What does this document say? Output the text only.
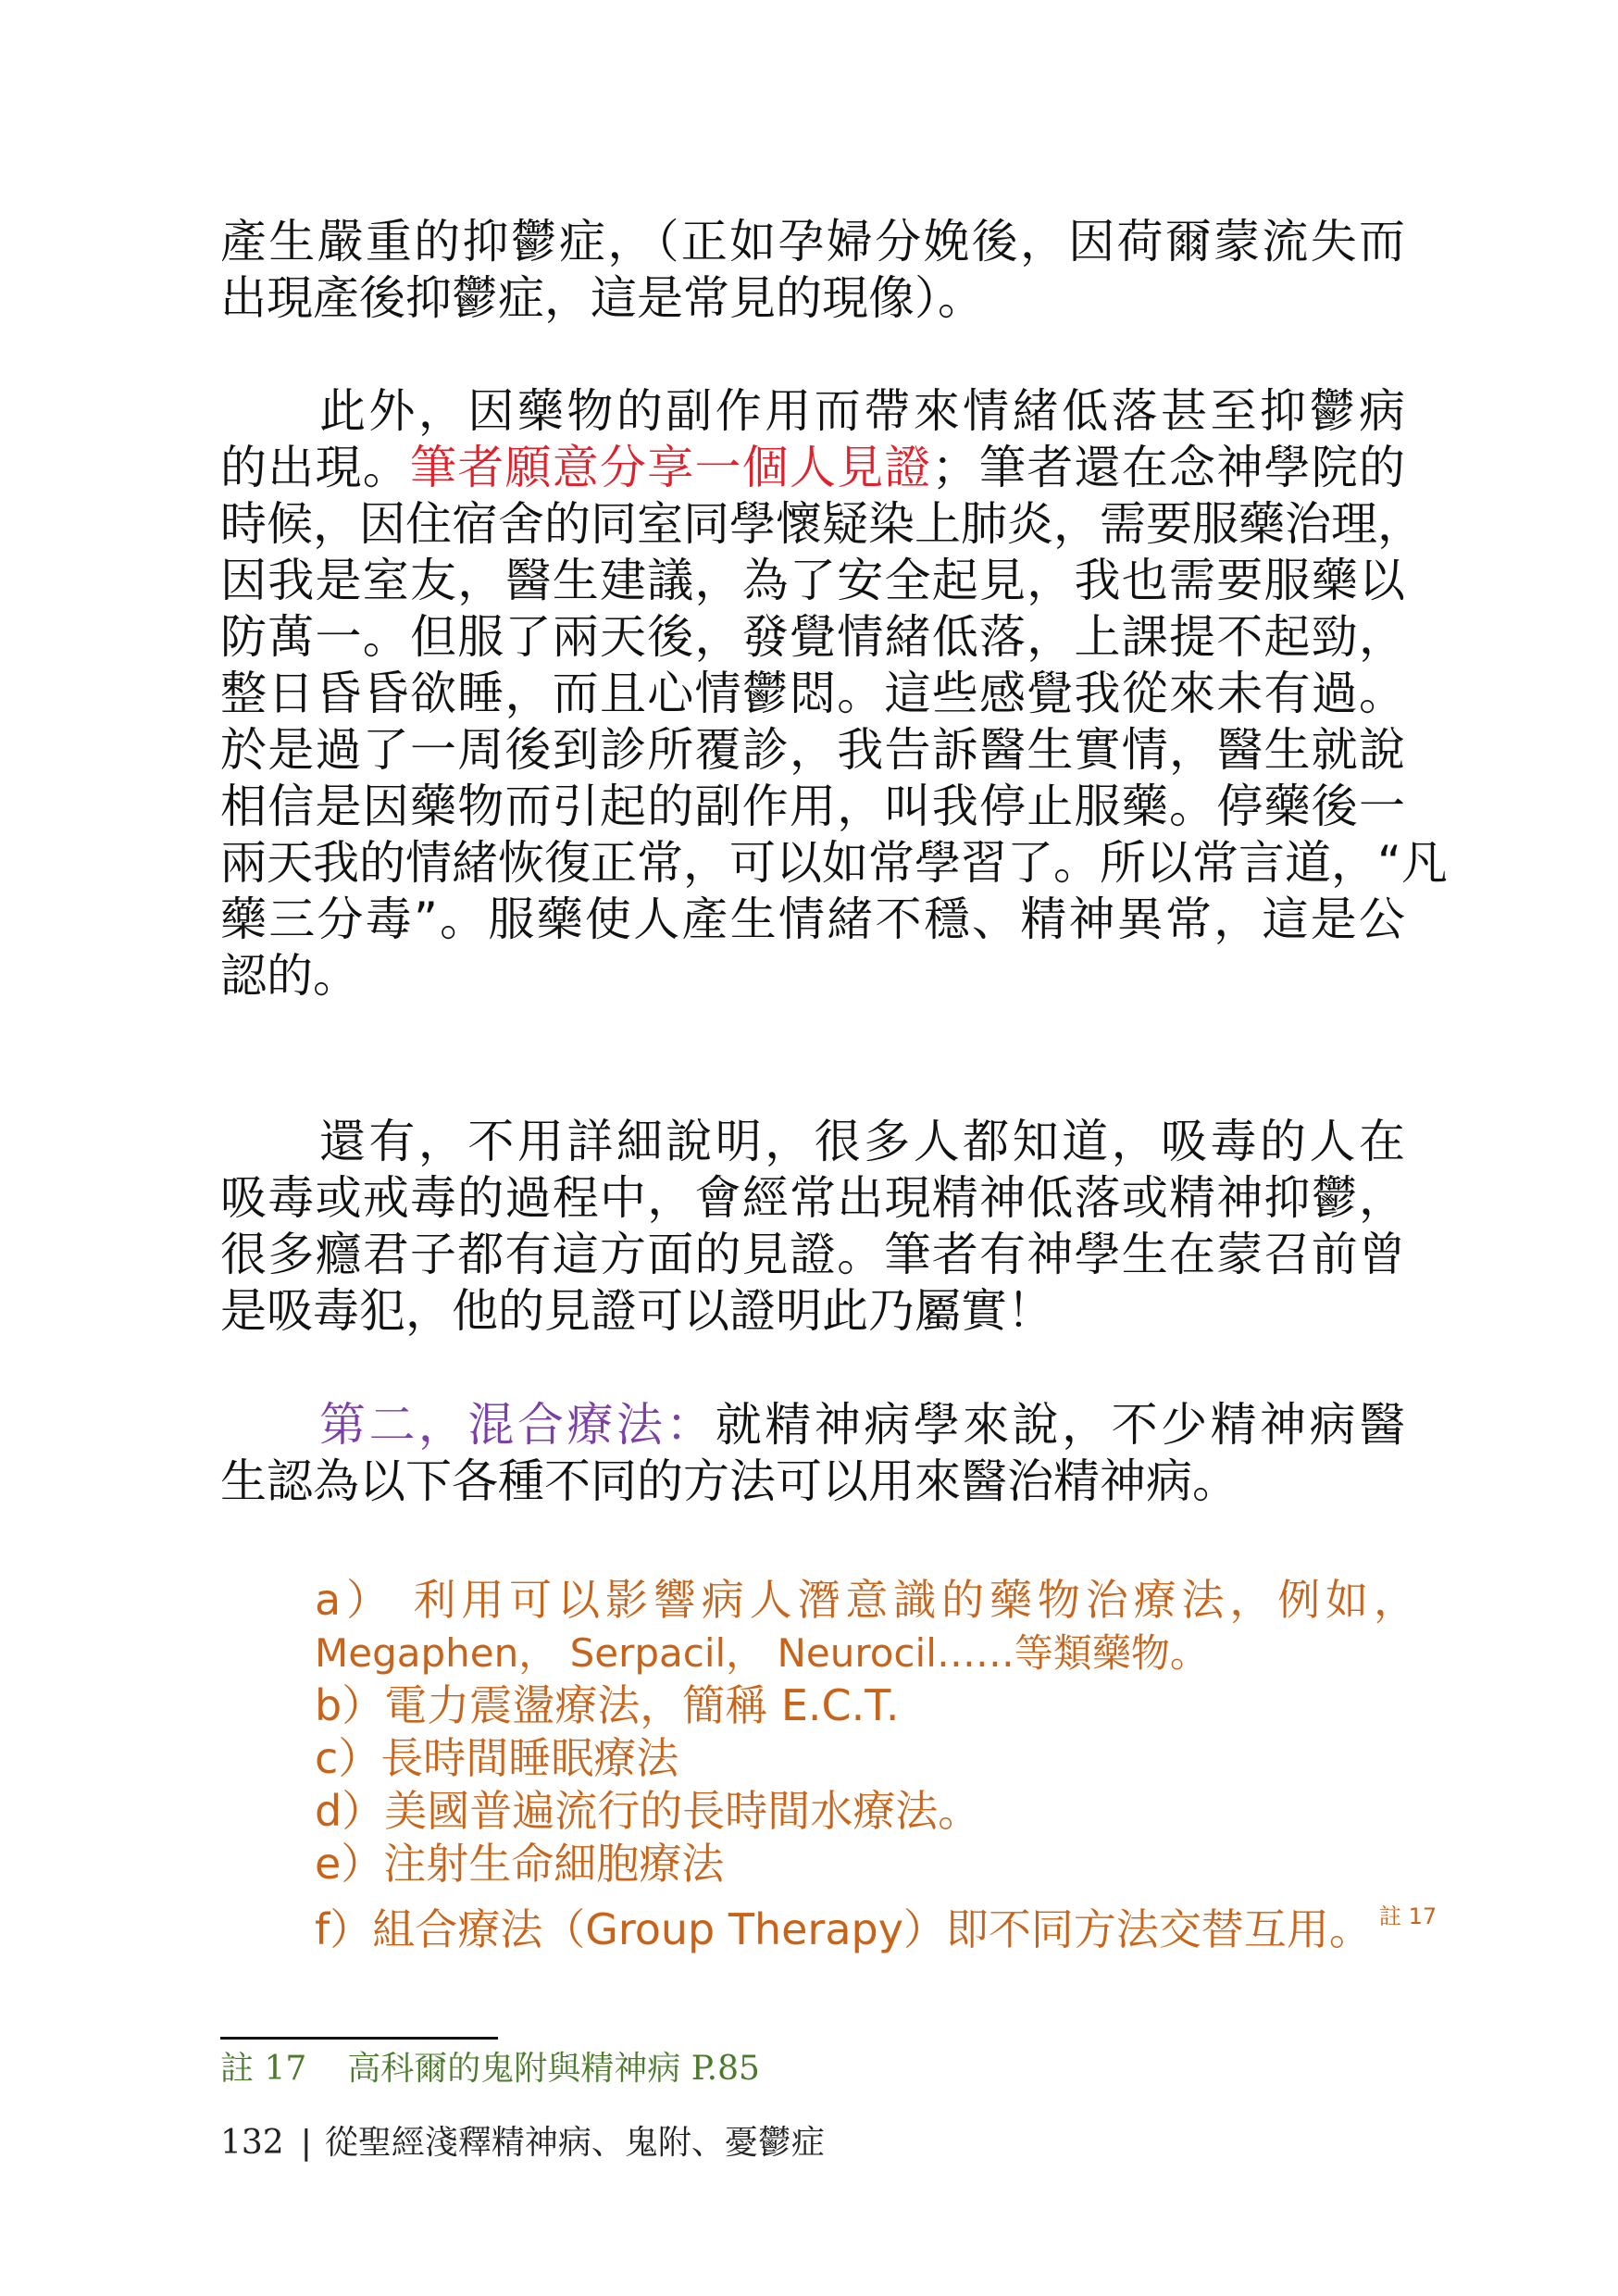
產生嚴重的抑鬱症，（正如孕婦分娩後，因荷爾蒙流失而
出現產後抑鬱症，這是常見的現像）。

　　此外，因藥物的副作用而帶來情緒低落甚至抑鬱病
的出現。筆者願意分享一個人見證；筆者還在念神學院的
時候，因住宿舍的同室同學懷疑染上肺炎，需要服藥治理，
因我是室友，醫生建議，為了安全起見，我也需要服藥以
防萬一。但服了兩天後，發覺情緒低落，上課提不起勁，
整日昏昏欲睡，而且心情鬱悶。這些感覺我從來未有過。
於是過了一周後到診所覆診，我告訴醫生實情，醫生就說
相信是因藥物而引起的副作用，叫我停止服藥。停藥後一
兩天我的情緒恢復正常，可以如常學習了。所以常言道，“凡
藥三分毒”。服藥使人產生情緒不穩、精神異常，這是公
認的。

　　還有，不用詳細說明，很多人都知道，吸毒的人在
吸毒或戒毒的過程中，會經常出現精神低落或精神抑鬱，
很多癮君子都有這方面的見證。筆者有神學生在蒙召前曾
是吸毒犯，他的見證可以證明此乃屬實！

　　第二，混合療法：就精神病學來說，不少精神病醫
生認為以下各種不同的方法可以用來醫治精神病。

a） 利用可以影響病人潛意識的藥物治療法，例如，
Megaphen， Serpacil， Neurocil……等類藥物。
b）電力震盪療法，簡稱 E.C.T.
c）長時間睡眠療法
d）美國普遍流行的長時間水療法。
e）注射生命細胞療法
f）組合療法（Group Therapy）即不同方法交替互用。 $^{註 17}$
註 17 高科爾的鬼附與精神病 P.85
132 | 從聖經淺釋精神病、鬼附、憂鬱症
